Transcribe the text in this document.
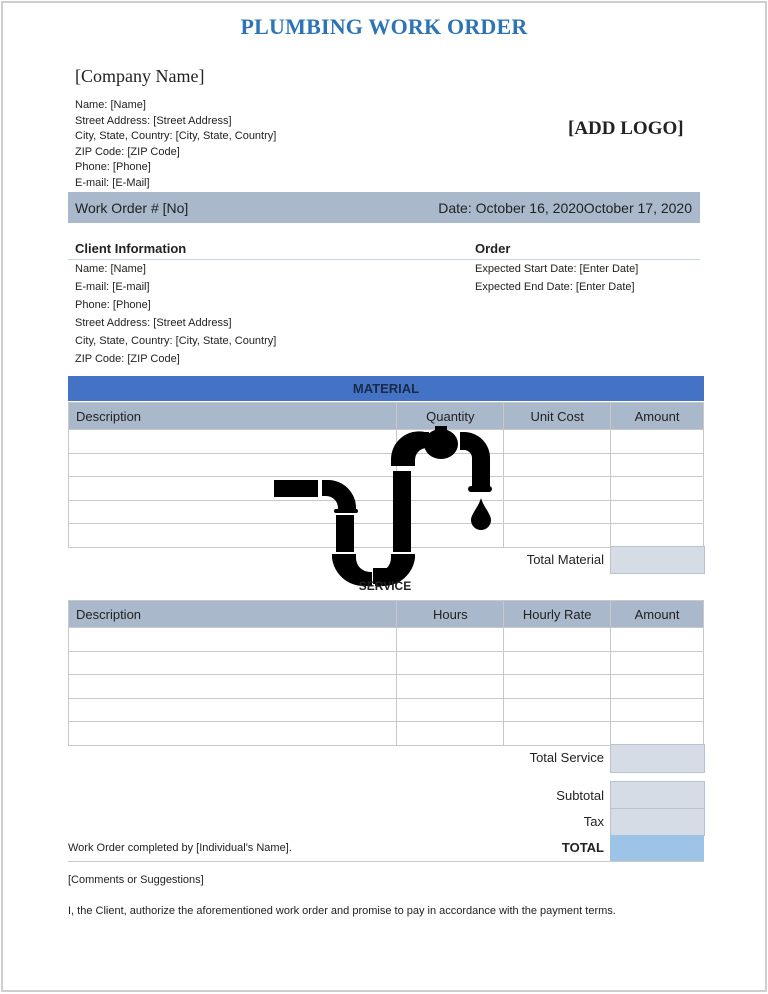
PLUMBING WORK ORDER
[Company Name]
Name: [Name]
Street Address: [Street Address]
City, State, Country: [City, State, Country]
ZIP Code: [ZIP Code]
Phone: [Phone]
E-mail: [E-Mail]
[ADD LOGO]
Work Order # [No]	Date: October 16, 2020October 17, 2020
Client Information	Order
Name: [Name]
E-mail: [E-mail]
Phone: [Phone]
Street Address: [Street Address]
City, State, Country: [City, State, Country]
ZIP Code: [ZIP Code]
Expected Start Date: [Enter Date]
Expected End Date: [Enter Date]
MATERIAL
Description	Quantity	Unit Cost	Amount

Total Material
SERVICE
Description	Hours	Hourly Rate	Amount

Total Service
Subtotal
Tax
TOTAL
Work Order completed by [Individual's Name].
[Comments or Suggestions]
I, the Client, authorize the aforementioned work order and promise to pay in accordance with the payment terms.
